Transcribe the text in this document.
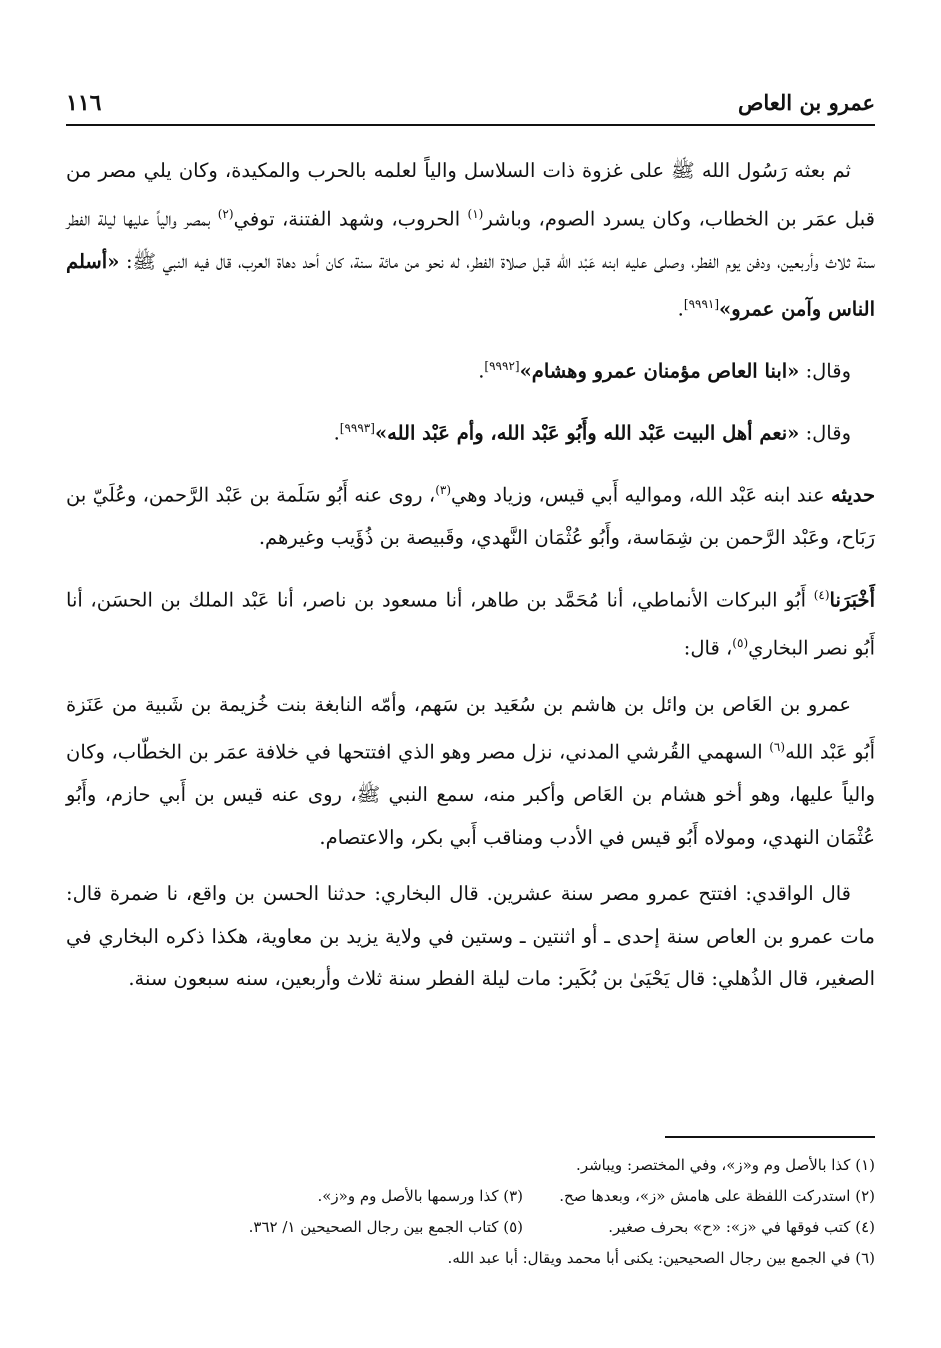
١١٦	عمرو بن العاص

ثم بعثه رَسُول الله ﷺ على غزوة ذات السلاسل والياً لعلمه بالحرب والمكيدة، وكان يلي مصر من قبل عمَر بن الخطاب، وكان يسرد الصوم، وباشر$^{(١)}$ الحروب، وشهد الفتنة، توفي$^{(٢)}$ بمصر والياً عليها ليلة الفطر سنة ثلاث وأربعين، ودفن يوم الفطر، وصلى عليه ابنه عَبْد الله قبل صلاة الفطر، له نحو من مائة سنة، كان أحد دهاة العرب، قال فيه النبي ﷺ: «أسلم الناس وآمن عمرو»[٩٩٩١].

وقال: «ابنا العاص مؤمنان عمرو وهشام»[٩٩٩٢].

وقال: «نعم أهل البيت عَبْد الله وأَبُو عَبْد الله، وأم عَبْد الله»[٩٩٩٣].

حديثه عند ابنه عَبْد الله، ومواليه أَبي قيس، وزياد وهي$^{(٣)}$، روى عنه أَبُو سَلَمة بن عَبْد الرَّحمن، وعُلَيّ بن رَبَاح، وعَبْد الرَّحمن بن شِمَاسة، وأَبُو عُثْمَان النَّهدي، وقَبيصة بن ذُؤَيب وغيرهم.

أَخْبَرَنا$^{(٤)}$ أَبُو البركات الأنماطي، أنا مُحَمَّد بن طاهر، أنا مسعود بن ناصر، أنا عَبْد الملك بن الحسَن، أنا أَبُو نصر البخاري$^{(٥)}$، قال:

عمرو بن العَاص بن وائل بن هاشم بن سُعَيد بن سَهم، وأمّه النابغة بنت خُزيمة بن شَبية من عَنَزة أَبُو عَبْد الله$^{(٦)}$ السهمي القُرشي المدني، نزل مصر وهو الذي افتتحها في خلافة عمَر بن الخطّاب، وكان والياً عليها، وهو أخو هشام بن العَاص وأكبر منه، سمع النبي ﷺ، روى عنه قيس بن أَبي حازم، وأَبُو عُثْمَان النهدي، ومولاه أَبُو قيس في الأدب ومناقب أَبي بكر، والاعتصام.

قال الواقدي: افتتح عمرو مصر سنة عشرين. قال البخاري: حدثنا الحسن بن واقع، نا ضمرة قال: مات عمرو بن العاص سنة إحدى ـ أو اثنتين ـ وستين في ولاية يزيد بن معاوية، هكذا ذكره البخاري في الصغير، قال الذُهلي: قال يَحْيَىٰ بن بُكَير: مات ليلة الفطر سنة ثلاث وأربعين، سنه سبعون سنة.

(١) كذا بالأصل وم و«ز»، وفي المختصر: ويباشر.
(٢) استدركت اللفظة على هامش «ز»، وبعدها صح.
(٣) كذا ورسمها بالأصل وم و«ز».
(٤) كتب فوقها في «ز»: «ح» بحرف صغير.
(٥) كتاب الجمع بين رجال الصحيحين ١/ ٣٦٢.
(٦) في الجمع بين رجال الصحيحين: يكنى أبا محمد ويقال: أبا عبد الله.
